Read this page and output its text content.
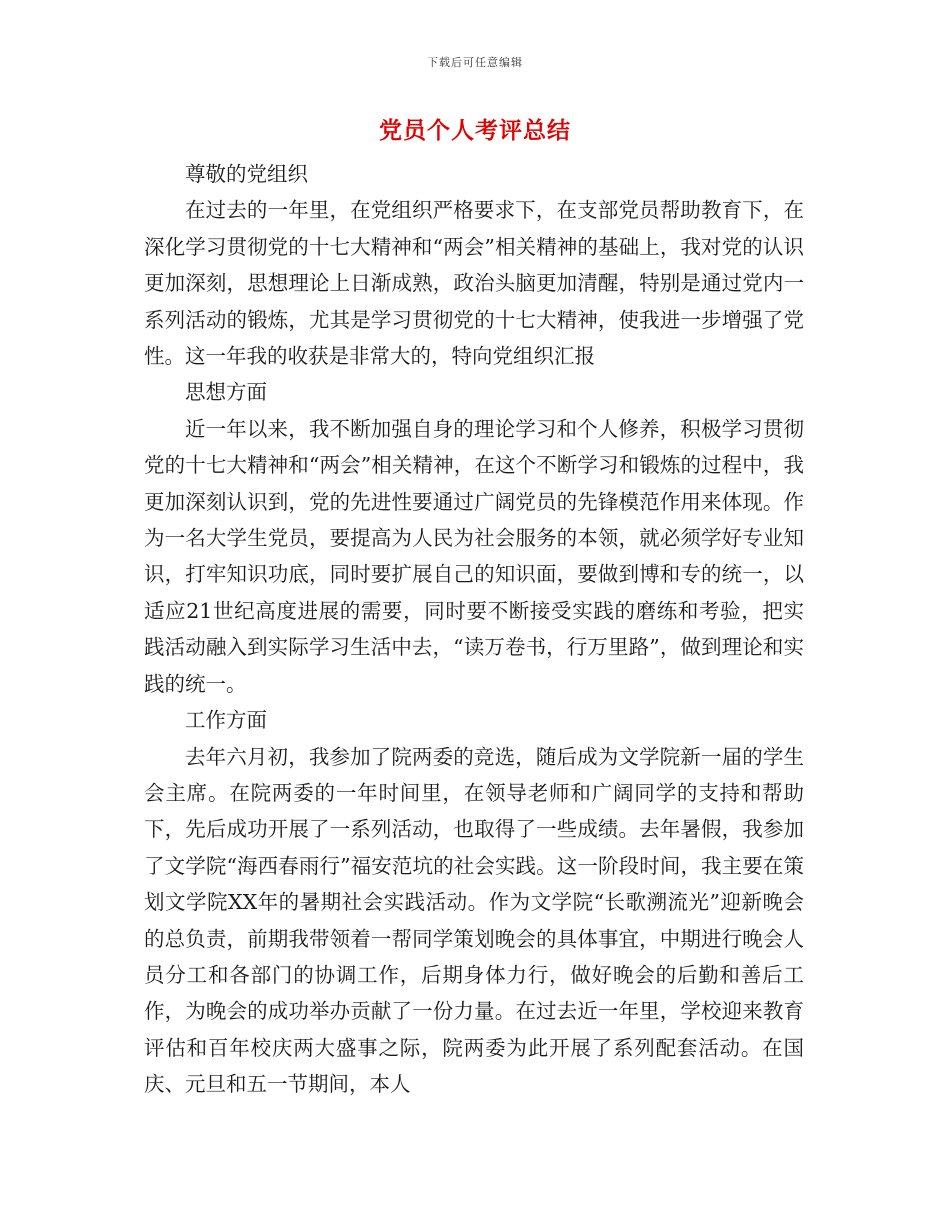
下载后可任意编辑
党员个人考评总结

尊敬的党组织

在过去的一年里，在党组织严格要求下，在支部党员帮助教育下，在深化学习贯彻党的十七大精神和“两会”相关精神的基础上，我对党的认识更加深刻，思想理论上日渐成熟，政治头脑更加清醒，特别是通过党内一系列活动的锻炼，尤其是学习贯彻党的十七大精神，使我进一步增强了党性。这一年我的收获是非常大的，特向党组织汇报

思想方面

近一年以来，我不断加强自身的理论学习和个人修养，积极学习贯彻党的十七大精神和“两会”相关精神，在这个不断学习和锻炼的过程中，我更加深刻认识到，党的先进性要通过广阔党员的先锋模范作用来体现。作为一名大学生党员，要提高为人民为社会服务的本领，就必须学好专业知识，打牢知识功底，同时要扩展自己的知识面，要做到博和专的统一，以适应21世纪高度进展的需要，同时要不断接受实践的磨练和考验，把实践活动融入到实际学习生活中去，“读万卷书，行万里路”，做到理论和实践的统一。

工作方面

去年六月初，我参加了院两委的竞选，随后成为文学院新一届的学生会主席。在院两委的一年时间里，在领导老师和广阔同学的支持和帮助下，先后成功开展了一系列活动，也取得了一些成绩。去年暑假，我参加了文学院“海西春雨行”福安范坑的社会实践。这一阶段时间，我主要在策划文学院XX年的暑期社会实践活动。作为文学院“长歌溯流光”迎新晚会的总负责，前期我带领着一帮同学策划晚会的具体事宜，中期进行晚会人员分工和各部门的协调工作，后期身体力行，做好晚会的后勤和善后工作，为晚会的成功举办贡献了一份力量。在过去近一年里，学校迎来教育评估和百年校庆两大盛事之际，院两委为此开展了系列配套活动。在国庆、元旦和五一节期间，本人
